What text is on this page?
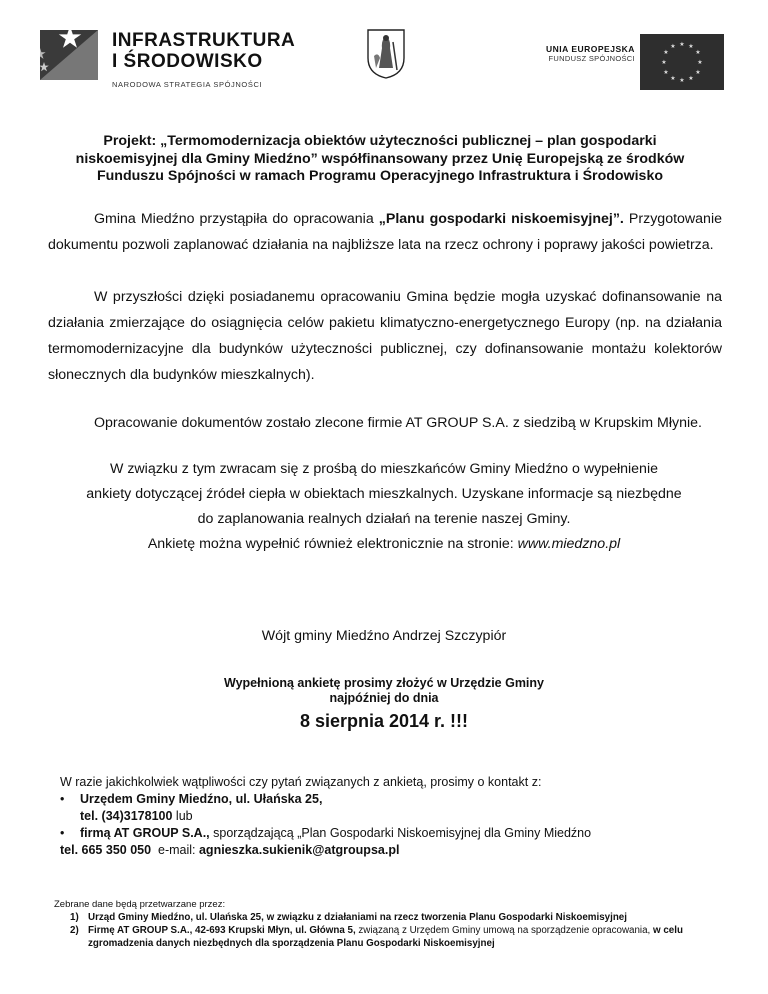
INFRASTRUKTURA
I ŚRODOWISKO
NARODOWA STRATEGIA SPÓJNOŚCI
UNIA EUROPEJSKA
FUNDUSZ SPÓJNOŚCI
★ ★
★
★
★
★
★
★
★
★
★
★
Projekt: „Termomodernizacja obiektów użyteczności publicznej – plan gospodarki niskoemisyjnej dla Gminy Miedźno” współfinansowany przez Unię Europejską ze środków Funduszu Spójności w ramach Programu Operacyjnego Infrastruktura i Środowisko
Gmina Miedźno przystąpiła do opracowania „Planu gospodarki niskoemisyjnej”. Przygotowanie dokumentu pozwoli zaplanować działania na najbliższe lata na rzecz ochrony i poprawy jakości powietrza.
W przyszłości dzięki posiadanemu opracowaniu Gmina będzie mogła uzyskać dofinansowanie na działania zmierzające do osiągnięcia celów pakietu klimatyczno-energetycznego Europy (np. na działania termomodernizacyjne dla budynków użyteczności publicznej, czy dofinansowanie montażu kolektorów słonecznych dla budynków mieszkalnych).
Opracowanie dokumentów zostało zlecone firmie AT GROUP S.A. z siedzibą w Krupskim Młynie.
W związku z tym zwracam się z prośbą do mieszkańców Gminy Miedźno o wypełnienie
ankiety dotyczącej źródeł ciepła w obiektach mieszkalnych. Uzyskane informacje są niezbędne
do zaplanowania realnych działań na terenie naszej Gminy.
Ankietę można wypełnić również elektronicznie na stronie: www.miedzno.pl
Wójt gminy Miedźno Andrzej Szczypiór
Wypełnioną ankietę prosimy złożyć w Urzędzie Gminy
najpóźniej do dnia
8 sierpnia 2014 r. !!!
W razie jakichkolwiek wątpliwości czy pytań związanych z ankietą, prosimy o kontakt z:
• Urzędem Gminy Miedźno, ul. Ułańska 25,
tel. (34)3178100 lub
• firmą AT GROUP S.A., sporządzającą „Plan Gospodarki Niskoemisyjnej dla Gminy Miedźno
tel. 665 350 050  e-mail: agnieszka.sukienik@atgroupsa.pl
Zebrane dane będą przetwarzane przez:
1) Urząd Gminy Miedźno, ul. Ulańska 25, w związku z działaniami na rzecz tworzenia Planu Gospodarki Niskoemisyjnej
2) Firmę AT GROUP S.A., 42-693 Krupski Młyn, ul. Główna 5, związaną z Urzędem Gminy umową na sporządzenie opracowania, w celu zgromadzenia danych niezbędnych dla sporządzenia Planu Gospodarki Niskoemisyjnej
